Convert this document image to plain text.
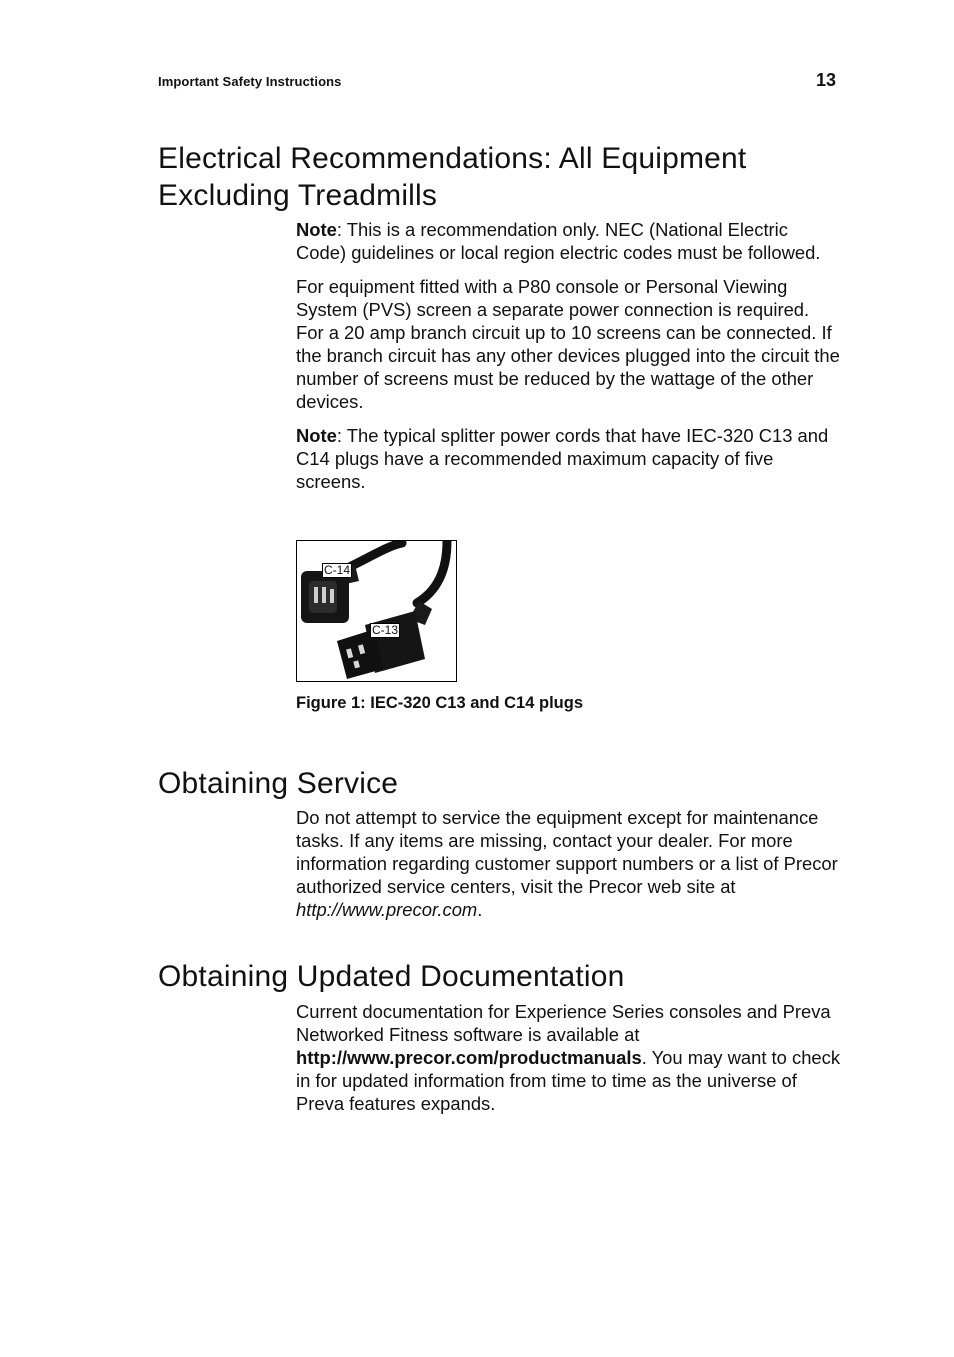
Important Safety Instructions	13
Electrical Recommendations: All Equipment Excluding Treadmills

Note: This is a recommendation only. NEC (National Electric Code) guidelines or local region electric codes must be followed.

For equipment fitted with a P80 console or Personal Viewing System (PVS) screen a separate power connection is required. For a 20 amp branch circuit up to 10 screens can be connected. If the branch circuit has any other devices plugged into the circuit the number of screens must be reduced by the wattage of the other devices.

Note: The typical splitter power cords that have IEC-320 C13 and C14 plugs have a recommended maximum capacity of five screens.

C-14
C-13
Figure 1: IEC-320 C13 and C14 plugs
Obtaining Service

Do not attempt to service the equipment except for maintenance tasks. If any items are missing, contact your dealer. For more information regarding customer support numbers or a list of Precor authorized service centers, visit the Precor web site at http://www.precor.com.

Obtaining Updated Documentation

Current documentation for Experience Series consoles and Preva Networked Fitness software is available at http://www.precor.com/productmanuals. You may want to check in for updated information from time to time as the universe of Preva features expands.
